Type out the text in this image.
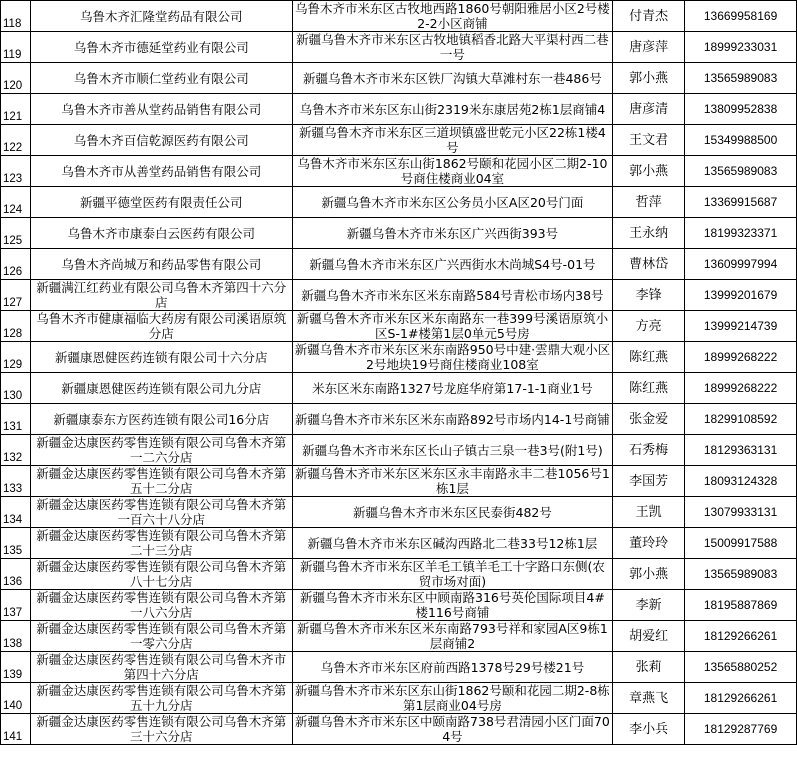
118	乌鲁木齐汇隆堂药品有限公司	乌鲁木齐市米东区古牧地西路1860号朝阳雅居小区2号楼2-2小区商铺	付青杰	13669958169
119	乌鲁木齐市德延堂药业有限公司	新疆乌鲁木齐市米东区古牧地镇稻香北路大平渠村西二巷一号	唐彦萍	18999233031
120	乌鲁木齐市顺仁堂药业有限公司	新疆乌鲁木齐市米东区铁厂沟镇大草滩村东一巷486号	郭小燕	13565989083
121	乌鲁木齐市善从堂药品销售有限公司	乌鲁木齐市米东区东山街2319米东康居苑2栋1层商铺4	唐彦清	13809952838
122	乌鲁木齐百信乾源医药有限公司	新疆乌鲁木齐市米东区三道坝镇盛世乾元小区22栋1楼4号	王文君	15349988500
123	乌鲁木齐市从善堂药品销售有限公司	乌鲁木齐市米东区东山街1862号颐和花园小区二期2-10号商住楼商业04室	郭小燕	13565989083
124	新疆平德堂医药有限责任公司	新疆乌鲁木齐市米东区公务员小区A区20号门面	哲萍	13369915687
125	乌鲁木齐市康泰白云医药有限公司	新疆乌鲁木齐市米东区广兴西街393号	王永纳	18199323371
126	乌鲁木齐尚城万和药品零售有限公司	新疆乌鲁木齐市米东区广兴西街水木尚城S4号-01号	曹林岱	13609997994
127	新疆满江红药业有限公司乌鲁木齐第四十六分店	新疆乌鲁木齐市米东区米东南路584号青松市场内38号	李锋	13999201679
128	乌鲁木齐市健康福临大药房有限公司溪语原筑分店	新疆乌鲁木齐市米东区米东南路东一巷399号溪语原筑小区S-1#楼第1层0单元5号房	方亮	13999214739
129	新疆康恩健医药连锁有限公司十六分店	新疆乌鲁木齐市米东区米东南路950号中建·雲鼎大观小区2号地块19号商住楼商业108室	陈红燕	18999268222
130	新疆康恩健医药连锁有限公司九分店	米东区米东南路1327号龙庭华府第17-1-1商业1号	陈红燕	18999268222
131	新疆康泰东方医药连锁有限公司16分店	新疆乌鲁木齐市米东区米东南路892号市场内14-1号商铺	张金爱	18299108592
132	新疆金达康医药零售连锁有限公司乌鲁木齐第一二六分店	新疆乌鲁木齐市米东区长山子镇古三泉一巷3号(附1号)	石秀梅	18129363131
133	新疆金达康医药零售连锁有限公司乌鲁木齐第五十二分店	新疆乌鲁木齐市米东区米东区永丰南路永丰二巷1056号1栋1层	李国芳	18093124328
134	新疆金达康医药零售连锁有限公司乌鲁木齐第一百六十八分店	新疆乌鲁木齐市米东区民泰街482号	王凯	13079933131
135	新疆金达康医药零售连锁有限公司乌鲁木齐第二十三分店	新疆乌鲁木齐市米东区碱沟西路北二巷33号12栋1层	董玲玲	15009917588
136	新疆金达康医药零售连锁有限公司乌鲁木齐第八十七分店	新疆乌鲁木齐市米东区羊毛工镇羊毛工十字路口东侧(农贸市场对面)	郭小燕	13565989083
137	新疆金达康医药零售连锁有限公司乌鲁木齐第一八六分店	新疆乌鲁木齐市米东区中顾南路316号英伦国际项目4#楼116号商铺	李新	18195887869
138	新疆金达康医药零售连锁有限公司乌鲁木齐第一零六分店	新疆乌鲁木齐市米东区米东南路793号祥和家园A区9栋1层商铺2	胡爱红	18129266261
139	新疆金达康医药零售连锁有限公司乌鲁木齐市第四十六分店	乌鲁木齐市米东区府前西路1378号29号楼21号	张莉	13565880252
140	新疆金达康医药零售连锁有限公司乌鲁木齐第五十九分店	新疆乌鲁木齐市米东区东山街1862号颐和花园二期2-8栋第1层商业04号房	章燕飞	18129266261
141	新疆金达康医药零售连锁有限公司乌鲁木齐第三十六分店	新疆乌鲁木齐市米东区中颐南路738号君清园小区门面704号	李小兵	18129287769
